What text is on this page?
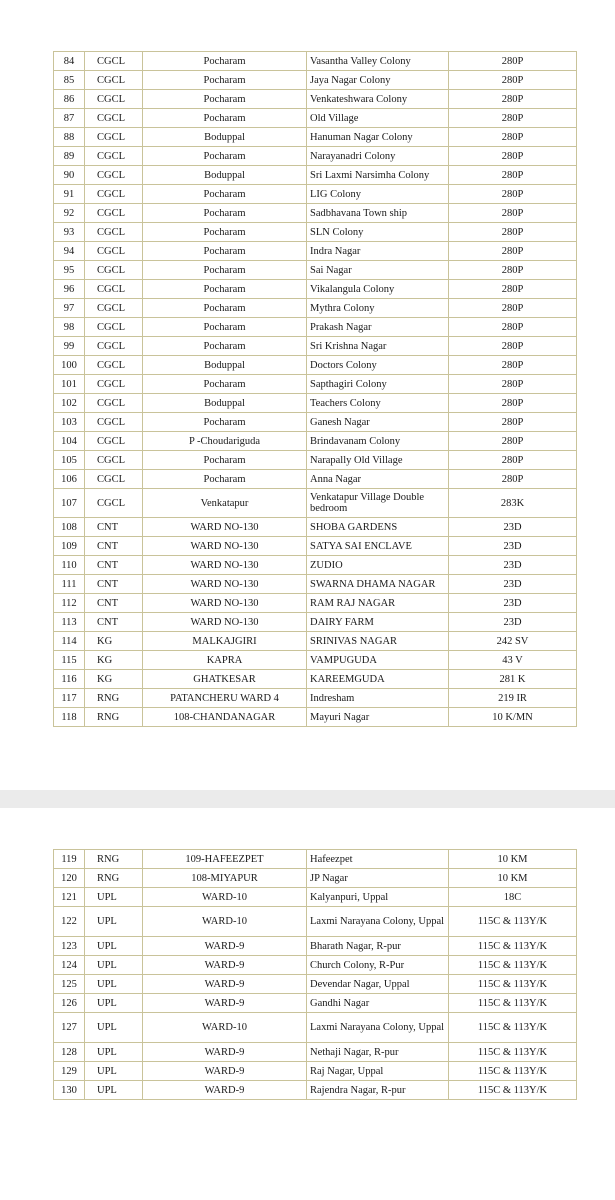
84	CGCL	Pocharam	Vasantha Valley Colony	280P
85	CGCL	Pocharam	Jaya Nagar Colony	280P
86	CGCL	Pocharam	Venkateshwara Colony	280P
87	CGCL	Pocharam	Old Village	280P
88	CGCL	Boduppal	Hanuman Nagar Colony	280P
89	CGCL	Pocharam	Narayanadri Colony	280P
90	CGCL	Boduppal	Sri Laxmi Narsimha Colony	280P
91	CGCL	Pocharam	LIG Colony	280P
92	CGCL	Pocharam	Sadbhavana Town ship	280P
93	CGCL	Pocharam	SLN Colony	280P
94	CGCL	Pocharam	Indra Nagar	280P
95	CGCL	Pocharam	Sai Nagar	280P
96	CGCL	Pocharam	Vikalangula Colony	280P
97	CGCL	Pocharam	Mythra Colony	280P
98	CGCL	Pocharam	Prakash Nagar	280P
99	CGCL	Pocharam	Sri Krishna Nagar	280P
100	CGCL	Boduppal	Doctors Colony	280P
101	CGCL	Pocharam	Sapthagiri Colony	280P
102	CGCL	Boduppal	Teachers Colony	280P
103	CGCL	Pocharam	Ganesh Nagar	280P
104	CGCL	P -Choudariguda	Brindavanam Colony	280P
105	CGCL	Pocharam	Narapally Old Village	280P
106	CGCL	Pocharam	Anna Nagar	280P
107	CGCL	Venkatapur	Venkatapur Village Double bedroom	283K
108	CNT	WARD NO-130	SHOBA GARDENS	23D
109	CNT	WARD NO-130	SATYA SAI ENCLAVE	23D
110	CNT	WARD NO-130	ZUDIO	23D
111	CNT	WARD NO-130	SWARNA DHAMA NAGAR	23D
112	CNT	WARD NO-130	RAM RAJ NAGAR	23D
113	CNT	WARD NO-130	DAIRY FARM	23D
114	KG	MALKAJGIRI	SRINIVAS NAGAR	242 SV
115	KG	KAPRA	VAMPUGUDA	43 V
116	KG	GHATKESAR	KAREEMGUDA	281 K
117	RNG	PATANCHERU WARD 4	Indresham	219 IR
118	RNG	108-CHANDANAGAR	Mayuri Nagar	10 K/MN
119	RNG	109-HAFEEZPET	Hafeezpet	10 KM
120	RNG	108-MIYAPUR	JP Nagar	10 KM
121	UPL	WARD-10	Kalyanpuri, Uppal	18C
122	UPL	WARD-10	Laxmi Narayana Colony, Uppal	115C & 113Y/K
123	UPL	WARD-9	Bharath Nagar, R-pur	115C & 113Y/K
124	UPL	WARD-9	Church Colony, R-Pur	115C & 113Y/K
125	UPL	WARD-9	Devendar Nagar, Uppal	115C & 113Y/K
126	UPL	WARD-9	Gandhi Nagar	115C & 113Y/K
127	UPL	WARD-10	Laxmi Narayana Colony, Uppal	115C & 113Y/K
128	UPL	WARD-9	Nethaji Nagar, R-pur	115C & 113Y/K
129	UPL	WARD-9	Raj Nagar, Uppal	115C & 113Y/K
130	UPL	WARD-9	Rajendra Nagar, R-pur	115C & 113Y/K
